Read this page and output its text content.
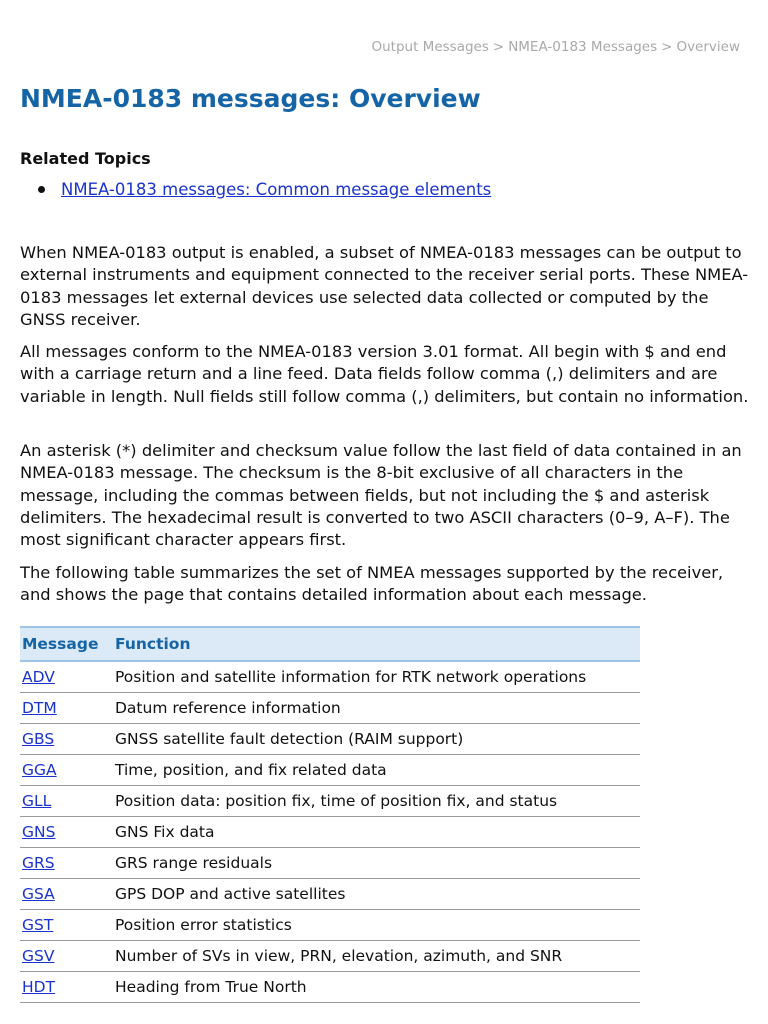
Output Messages > NMEA-0183 Messages > Overview
NMEA-0183 messages: Overview
Related Topics
NMEA-0183 messages: Common message elements

When NMEA-0183 output is enabled, a subset of NMEA-0183 messages can be output to external instruments and equipment connected to the receiver serial ports. These NMEA-0183 messages let external devices use selected data collected or computed by the GNSS receiver.

All messages conform to the NMEA-0183 version 3.01 format. All begin with $ and end with a carriage return and a line feed. Data fields follow comma (,) delimiters and are variable in length. Null fields still follow comma (,) delimiters, but contain no information.

An asterisk (*) delimiter and checksum value follow the last field of data contained in an NMEA-0183 message. The checksum is the 8-bit exclusive of all characters in the message, including the commas between fields, but not including the $ and asterisk delimiters. The hexadecimal result is converted to two ASCII characters (0–9, A–F). The most significant character appears first.

The following table summarizes the set of NMEA messages supported by the receiver, and shows the page that contains detailed information about each message.

Message	Function
ADV	Position and satellite information for RTK network operations
DTM	Datum reference information
GBS	GNSS satellite fault detection (RAIM support)
GGA	Time, position, and fix related data
GLL	Position data: position fix, time of position fix, and status
GNS	GNS Fix data
GRS	GRS range residuals
GSA	GPS DOP and active satellites
GST	Position error statistics
GSV	Number of SVs in view, PRN, elevation, azimuth, and SNR
HDT	Heading from True North
